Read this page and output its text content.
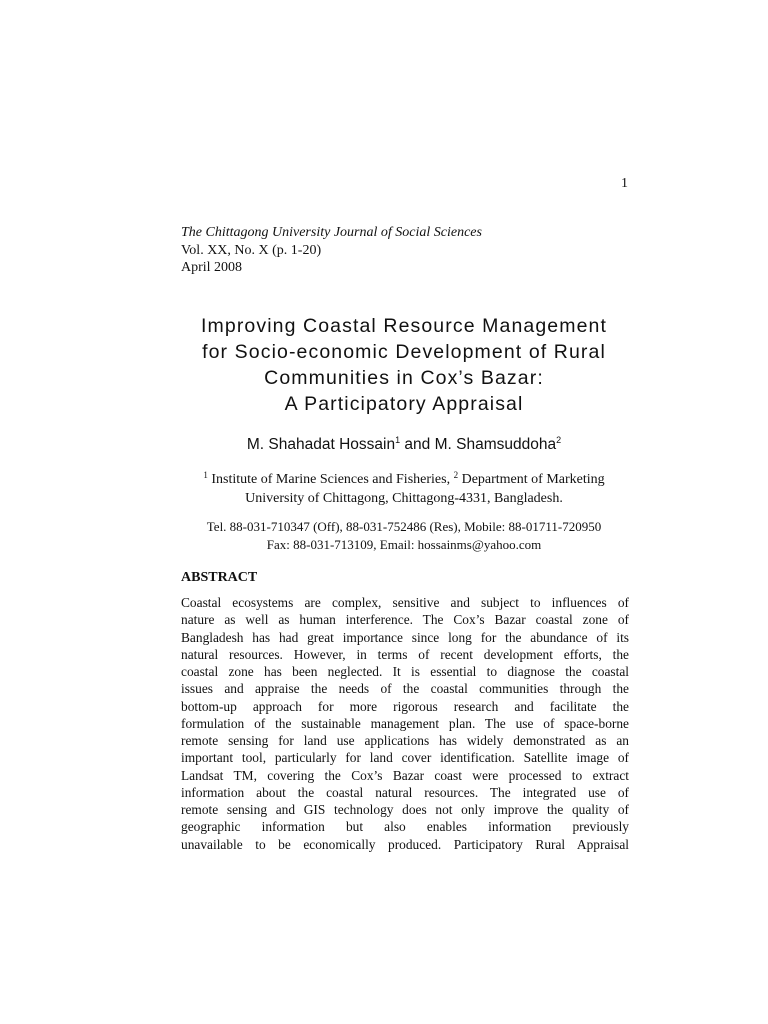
1
The Chittagong University Journal of Social Sciences
Vol. XX, No. X (p. 1-20)
April 2008
Improving Coastal Resource Management
for Socio-economic Development of Rural
Communities in Cox’s Bazar:
A Participatory Appraisal
M. Shahadat Hossain$^1$ and M. Shamsuddoha$^2$
$^1$ Institute of Marine Sciences and Fisheries, $^2$ Department of Marketing
University of Chittagong, Chittagong-4331, Bangladesh.
Tel. 88-031-710347 (Off), 88-031-752486 (Res), Mobile: 88-01711-720950
Fax: 88-031-713109, Email: hossainms@yahoo.com
ABSTRACT
Coastal ecosystems are complex, sensitive and subject to influences of
nature as well as human interference. The Cox’s Bazar coastal zone of
Bangladesh has had great importance since long for the abundance of its
natural resources. However, in terms of recent development efforts, the
coastal zone has been neglected. It is essential to diagnose the coastal
issues and appraise the needs of the coastal communities through the
bottom-up approach for more rigorous research and facilitate the
formulation of the sustainable management plan. The use of space-borne
remote sensing for land use applications has widely demonstrated as an
important tool, particularly for land cover identification. Satellite image of
Landsat TM, covering the Cox’s Bazar coast were processed to extract
information about the coastal natural resources. The integrated use of
remote sensing and GIS technology does not only improve the quality of
geographic information but also enables information previously
unavailable to be economically produced. Participatory Rural Appraisal
